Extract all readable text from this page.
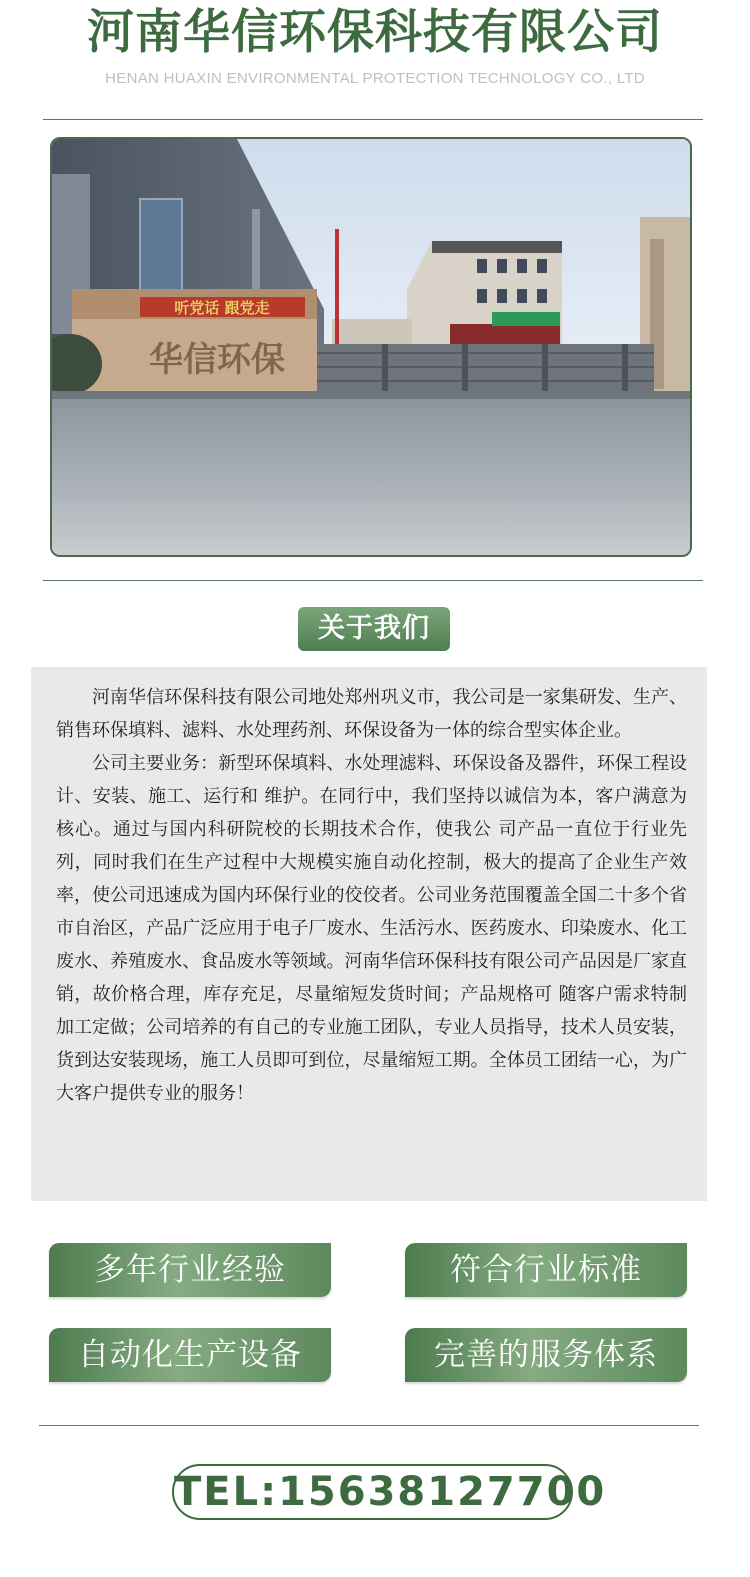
河南华信环保科技有限公司
HENAN HUAXIN ENVIRONMENTAL PROTECTION TECHNOLOGY CO., LTD
听党话 跟党走
华信环保
关于我们

河南华信环保科技有限公司地处郑州巩义市，我公司是一家集研发、生产、销售环保填料、滤料、水处理药剂、环保设备为一体的综合型实体企业。

公司主要业务：新型环保填料、水处理滤料、环保设备及器件，环保工程设计、安装、施工、运行和 维护。在同行中，我们坚持以诚信为本，客户满意为核心。通过与国内科研院校的长期技术合作，使我公 司产品一直位于行业先列，同时我们在生产过程中大规模实施自动化控制，极大的提高了企业生产效率，使公司迅速成为国内环保行业的佼佼者。公司业务范围覆盖全国二十多个省市自治区，产品广泛应用于电子厂废水、生活污水、医药废水、印染废水、化工废水、养殖废水、食品废水等领域。河南华信环保科技有限公司产品因是厂家直销，故价格合理，库存充足，尽量缩短发货时间；产品规格可 随客户需求特制加工定做；公司培养的有自己的专业施工团队，专业人员指导，技术人员安装，货到达安装现场，施工人员即可到位，尽量缩短工期。全体员工团结一心，为广大客户提供专业的服务！

多年行业经验	符合行业标准
自动化生产设备	完善的服务体系
TEL:15638127700
